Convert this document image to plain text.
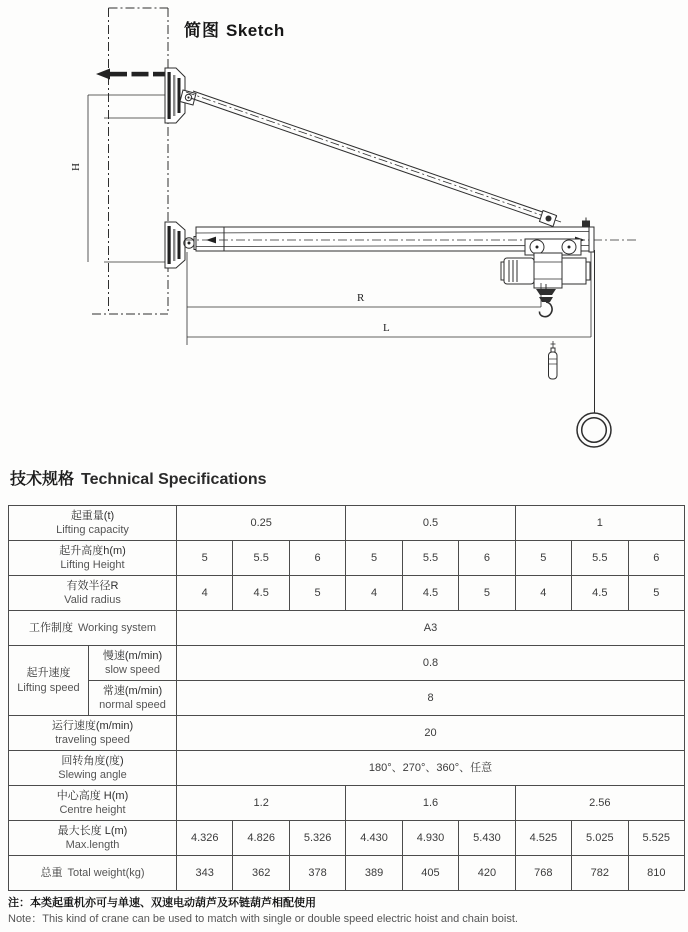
简图 Sketch
H
R
L
技术规格 Technical Specifications
起重量(t)
Lifting capacity		0.25			0.5			1		

起升高度h(m)
Lifting Height		5	5.5	6	5	5.5	6	5	5.5	6

有效半径R
Valid radius		4	4.5	5	4	4.5	5	4	4.5	5
工作制度 Working system		A3								

起升速度
Lifting speed	慢速(m/min)
slow speed	0.8								

	常速(m/min)
normal speed	8								

运行速度(m/min)
traveling speed		20								

回转角度(度)
Slewing angle		180°、270°、360°、任意								

中心高度 H(m)
Centre height		1.2			1.6			2.56		

最大长度 L(m)
Max.length		4.326	4.826	5.326	4.430	4.930	5.430	4.525	5.025	5.525
总重 Total weight(kg)		343	362	378	389	405	420	768	782	810
注：本类起重机亦可与单速、双速电动葫芦及环链葫芦相配使用
Note：This kind of crane can be used to match with single or double speed electric hoist and chain boist.
